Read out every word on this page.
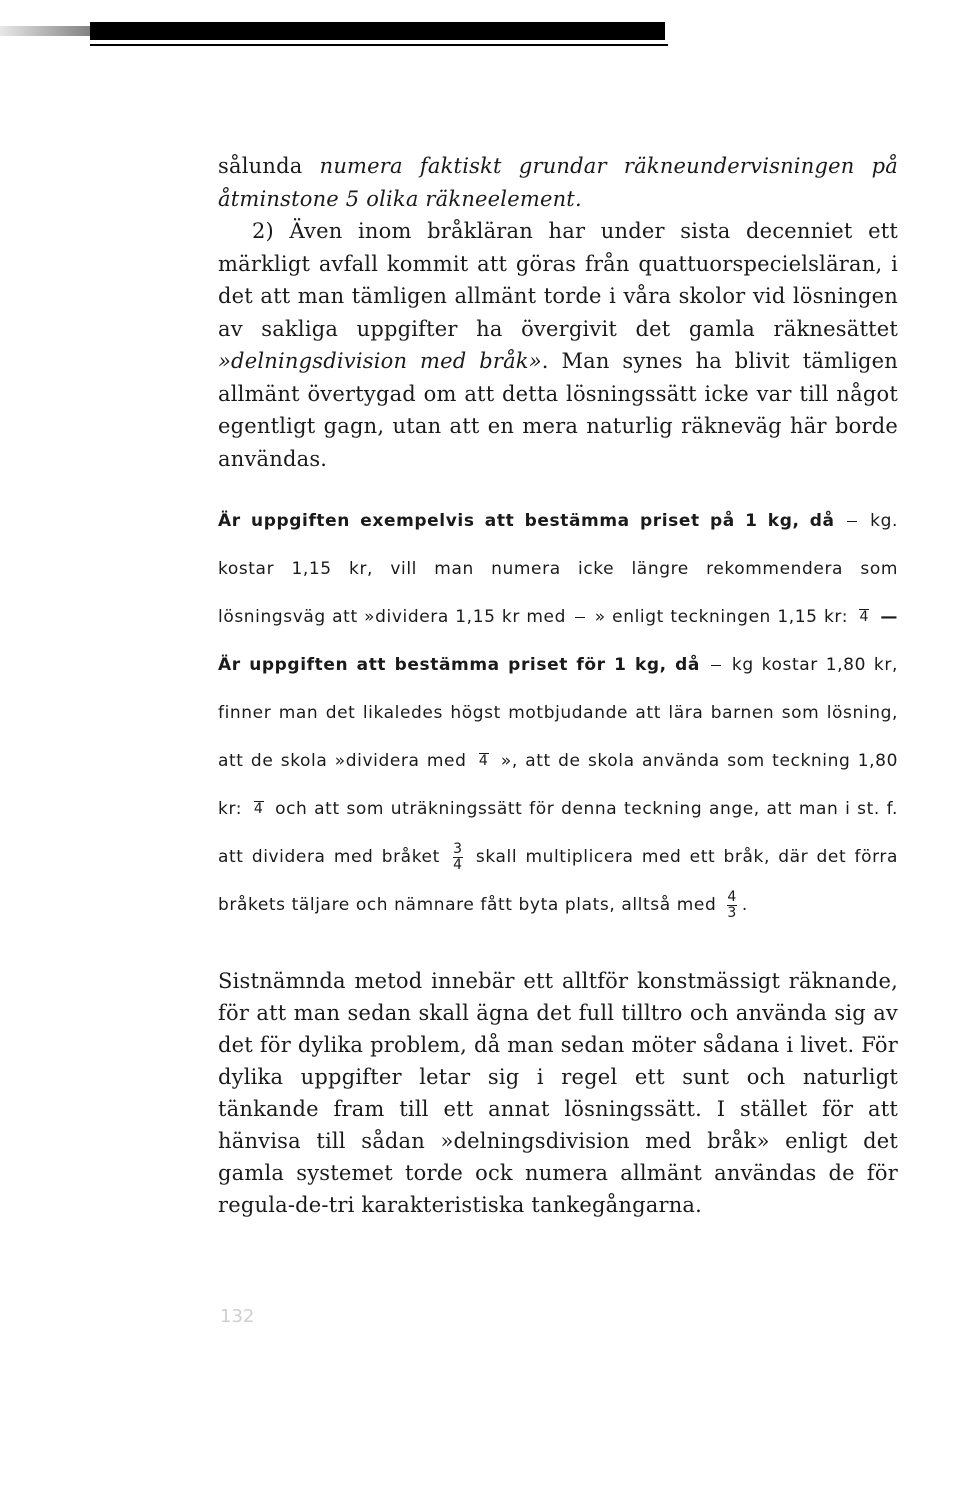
sålunda numera faktiskt grundar räkneundervisningen på åtminstone 5 olika räkneelement.

2) Även inom bråkläran har under sista decenniet ett märkligt avfall kommit att göras från quattuorspecielsläran, i det att man tämligen allmänt torde i våra skolor vid lösningen av sakliga uppgifter ha övergivit det gamla räknesättet »delningsdivision med bråk». Man synes ha blivit tämligen allmänt övertygad om att detta lösningssätt icke var till något egentligt gagn, utan att en mera naturlig räkneväg här borde användas.

Är uppgiften exempelvis att bestämma priset på 1 kg, då kg. kostar 1,15 kr, vill man numera icke längre rekommendera som lösningsväg att »dividera 1,15 kr med » enligt teckningen 1,15 kr: 4 — Är uppgiften att bestämma priset för 1 kg, då kg kostar 1,80 kr, finner man det likaledes högst motbjudande att lära barnen som lösning, att de skola »dividera med 4 », att de skola använda som teckning 1,80 kr: 4 och att som uträkningssätt för denna teckning ange, att man i st. f. att dividera med bråket $\frac{3}{4}$ skall multiplicera med ett bråk, där det förra bråkets täljare och nämnare fått byta plats, alltså med $\frac{4}{3}$ .

Sistnämnda metod innebär ett alltför konstmässigt räknande, för att man sedan skall ägna det full tilltro och använda sig av det för dylika problem, då man sedan möter sådana i livet. För dylika uppgifter letar sig i regel ett sunt och naturligt tänkande fram till ett annat lösningssätt. I stället för att hänvisa till sådan »delningsdivision med bråk» enligt det gamla systemet torde ock numera allmänt användas de för regula-de-tri karakteristiska tankegångarna.

132
